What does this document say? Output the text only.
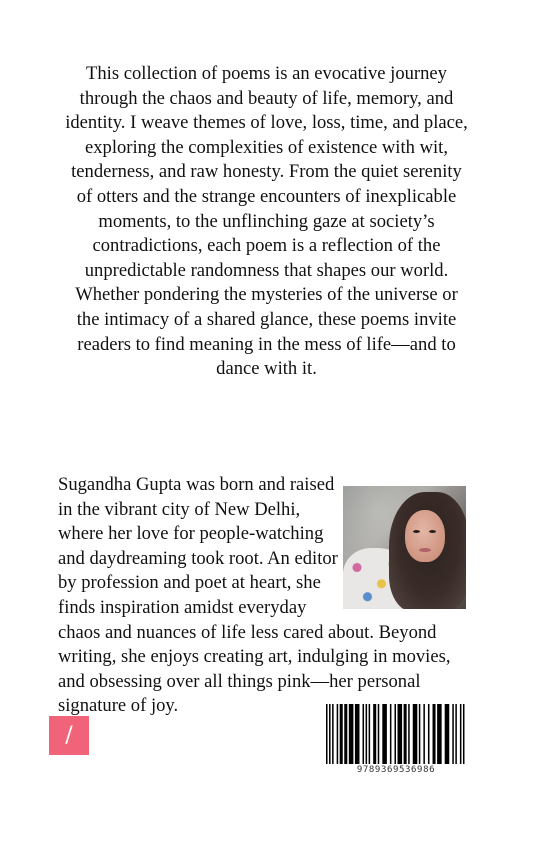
This collection of poems is an evocative journey through the chaos and beauty of life, memory, and identity. I weave themes of love, loss, time, and place, exploring the complexities of existence with wit, tenderness, and raw honesty. From the quiet serenity of otters and the strange encounters of inexplicable moments, to the unflinching gaze at society’s contradictions, each poem is a reflection of the unpredictable randomness that shapes our world. Whether pondering the mysteries of the universe or the intimacy of a shared glance, these poems invite readers to find meaning in the mess of life—and to dance with it.

Sugandha Gupta was born and raised in the vibrant city of New Delhi, where her love for people-watching and daydreaming took root. An editor by profession and poet at heart, she finds inspiration amidst everyday chaos and nuances of life less cared about. Beyond writing, she enjoys creating art, indulging in movies, and obsessing over all things pink—her personal signature of joy.

/
9789369536986
